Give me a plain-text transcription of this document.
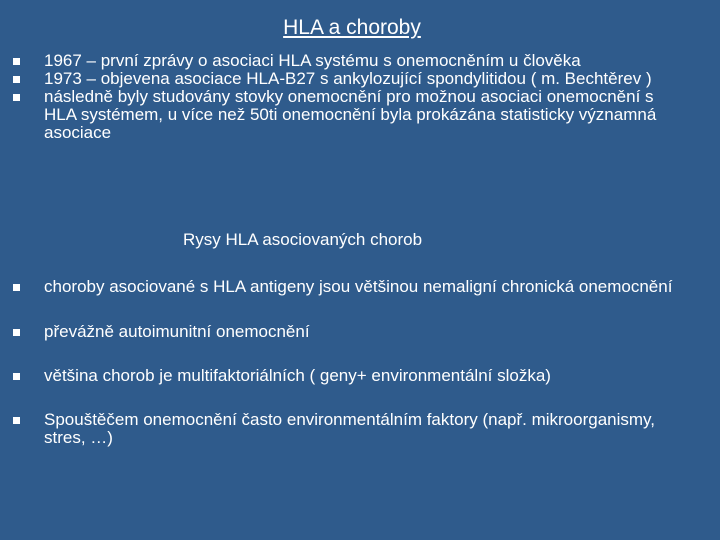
HLA a choroby
1967 – první zprávy o asociaci HLA systému s onemocněním u člověka
1973 – objevena asociace HLA-B27 s ankylozující spondylitidou ( m. Bechtěrev )
následně byly studovány stovky onemocnění pro možnou asociaci onemocnění s HLA systémem, u více než 50ti onemocnění byla prokázána statisticky významná asociace
Rysy HLA asociovaných chorob
choroby asociované s HLA antigeny jsou většinou nemaligní chronická onemocnění
převážně autoimunitní onemocnění
většina chorob je multifaktoriálních ( geny+ environmentální složka)
Spouštěčem onemocnění často environmentálním faktory (např. mikroorganismy, stres, …)
